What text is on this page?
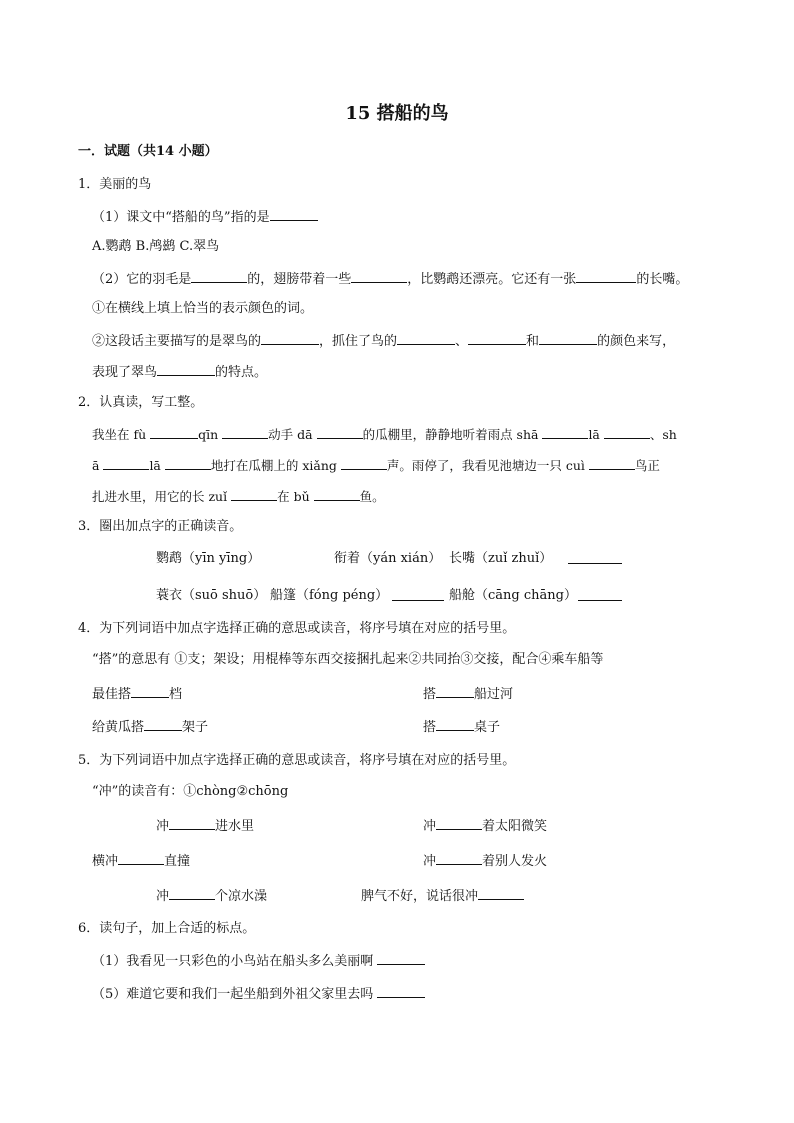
15 搭船的鸟
一．试题（共14 小题）
1．美丽的鸟
（1）课文中“搭船的鸟”指的是
A.鹦鹉 B.鸬鹚 C.翠鸟
（2）它的羽毛是	的，翅膀带着一些	，比鹦鹉还漂亮。它还有一张	的长嘴。
①在横线上填上恰当的表示颜色的词。
②这段话主要描写的是翠鸟的	，抓住了鸟的	、	和	的颜色来写，
表现了翠鸟	的特点。
2．认真读，写工整。
我坐在 fù	qīn	动手 dā	的瓜棚里，静静地听着雨点 shā	lā	、sh
ā	lā	地打在瓜棚上的 xiǎng	声。雨停了，我看见池塘边一只 cuì	鸟正
扎进水里，用它的长 zuǐ	在 bǔ	鱼。
3．圈出加点字的正确读音。
鹦鹉（yīn yīng）	衔着（yán xián） 长嘴（zuǐ zhuǐ）
蓑衣（suō shuō） 船篷（fóng péng）	船舱（cāng chāng）
4．为下列词语中加点字选择正确的意思或读音，将序号填在对应的括号里。
“搭”的意思有 ①支；架设；用棍棒等东西交接捆扎起来②共同抬③交接，配合④乘车船等
最佳搭	档	搭	船过河
给黄瓜搭	架子	搭	桌子
5．为下列词语中加点字选择正确的意思或读音，将序号填在对应的括号里。
“冲”的读音有：①chòng②chōng
冲	进水里	冲	着太阳微笑
横冲	直撞	冲	着别人发火
冲	个凉水澡	脾气不好，说话很冲
6．读句子，加上合适的标点。
（1）我看见一只彩色的小鸟站在船头多么美丽啊
（5）难道它要和我们一起坐船到外祖父家里去吗
